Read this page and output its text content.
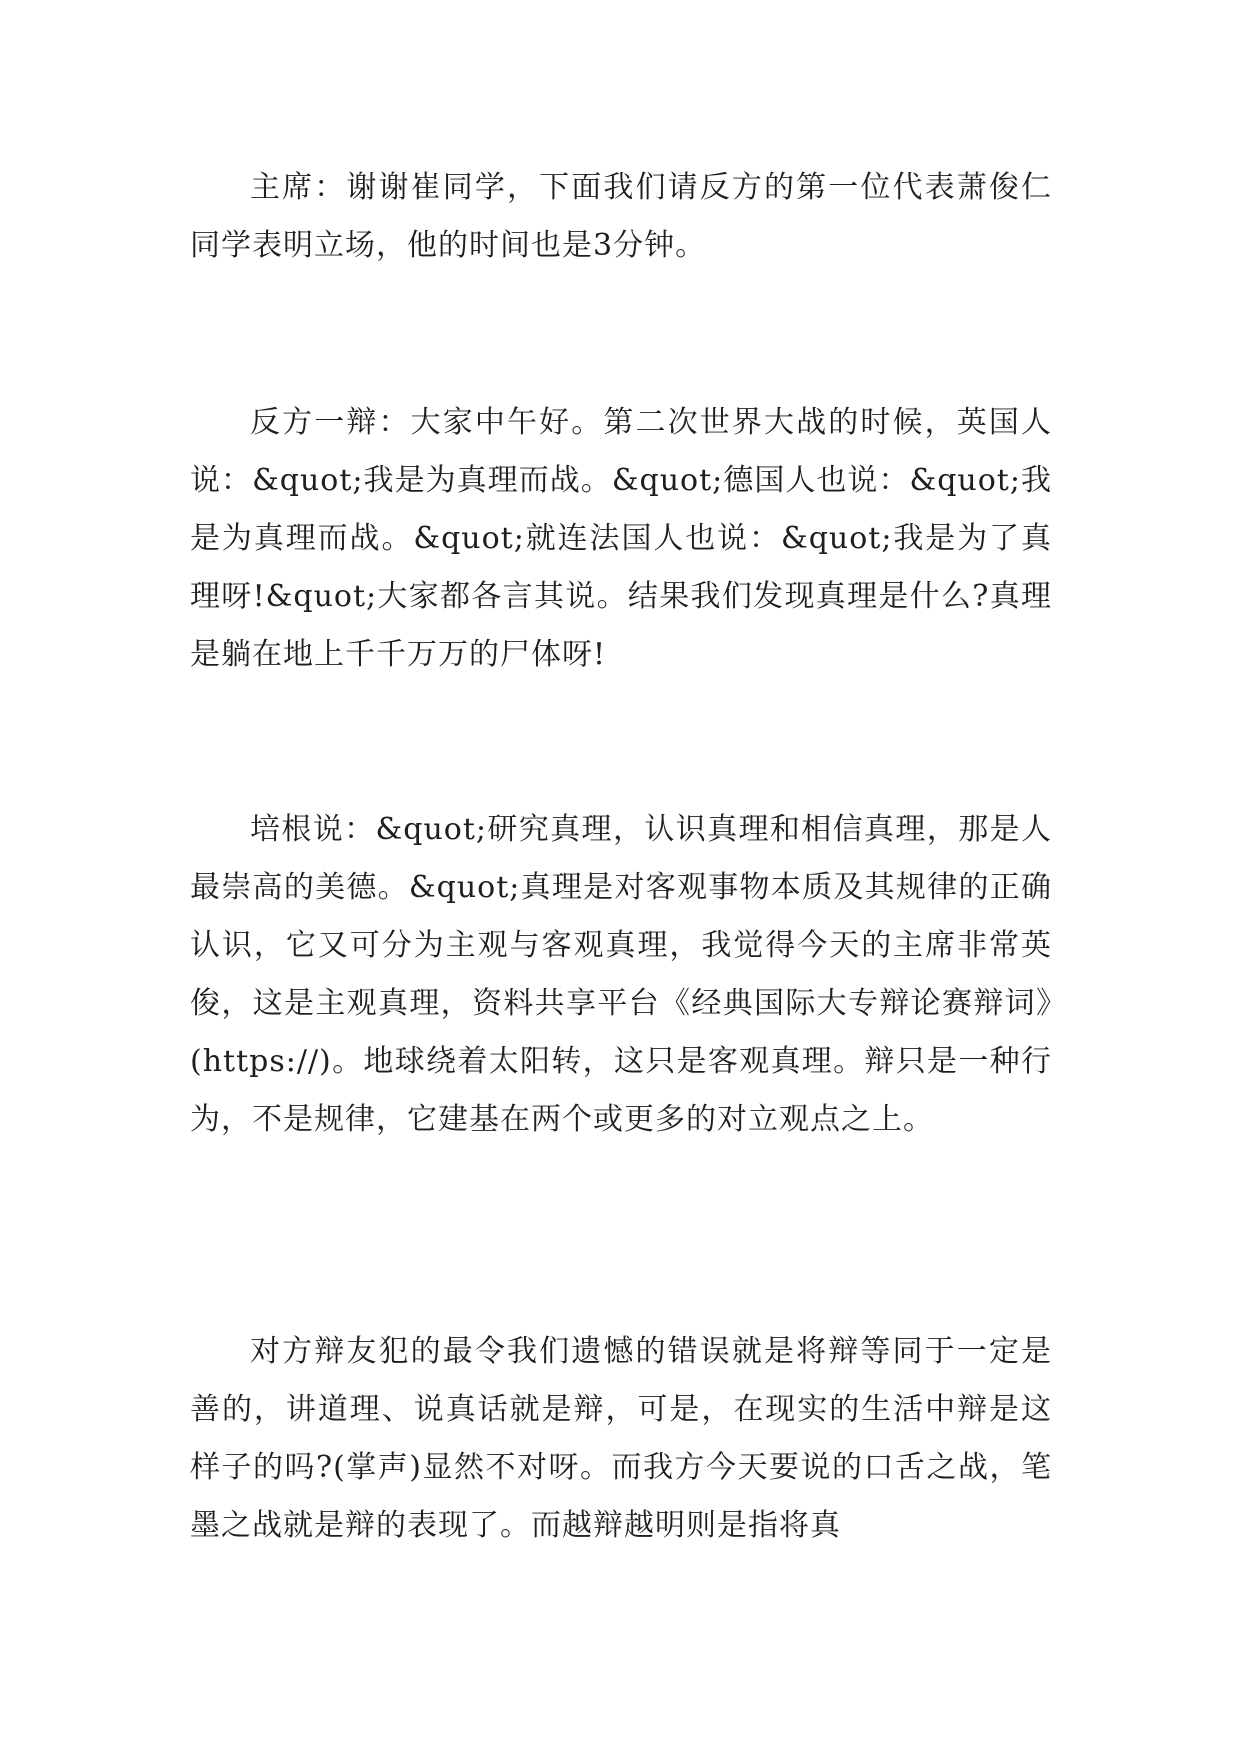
主席：谢谢崔同学，下面我们请反方的第一位代表萧俊仁同学表明立场，他的时间也是3分钟。

反方一辩：大家中午好。第二次世界大战的时候，英国人说：&quot;我是为真理而战。&quot;德国人也说：&quot;我是为真理而战。&quot;就连法国人也说：&quot;我是为了真理呀!&quot;大家都各言其说。结果我们发现真理是什么?真理是躺在地上千千万万的尸体呀!

培根说：&quot;研究真理，认识真理和相信真理，那是人最崇高的美德。&quot;真理是对客观事物本质及其规律的正确认识，它又可分为主观与客观真理，我觉得今天的主席非常英俊，这是主观真理，资料共享平台《经典国际大专辩论赛辩词》(https://)。地球绕着太阳转，这只是客观真理。辩只是一种行为，不是规律，它建基在两个或更多的对立观点之上。

对方辩友犯的最令我们遗憾的错误就是将辩等同于一定是善的，讲道理、说真话就是辩，可是，在现实的生活中辩是这样子的吗?(掌声)显然不对呀。而我方今天要说的口舌之战，笔墨之战就是辩的表现了。而越辩越明则是指将真
